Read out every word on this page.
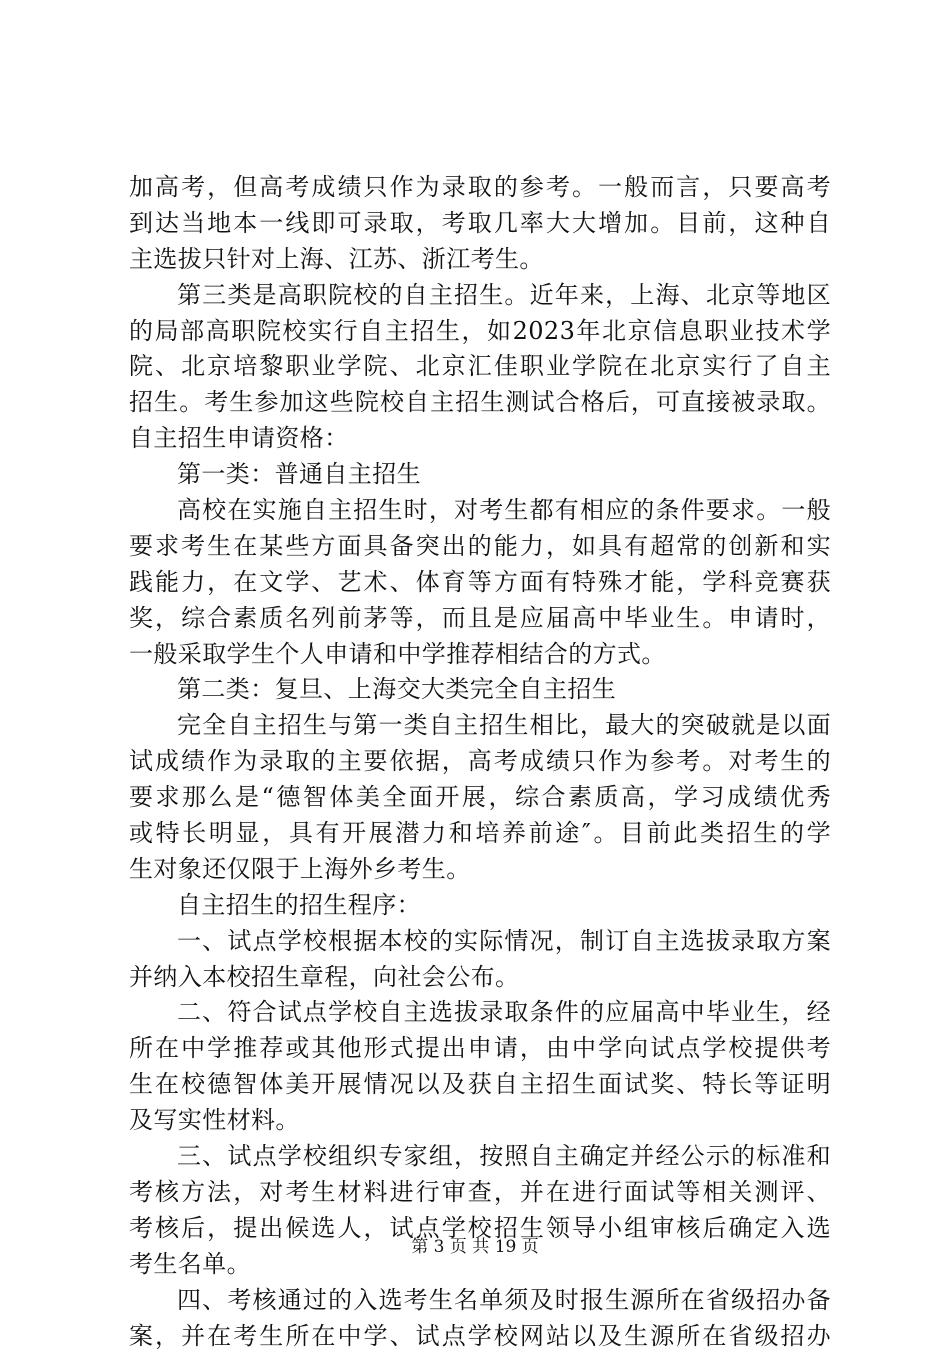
加高考，但高考成绩只作为录取的参考。一般而言，只要高考
到达当地本一线即可录取，考取几率大大增加。目前，这种自
主选拔只针对上海、江苏、浙江考生。
第三类是高职院校的自主招生。近年来，上海、北京等地区
的局部高职院校实行自主招生，如2023年北京信息职业技术学
院、北京培黎职业学院、北京汇佳职业学院在北京实行了自主
招生。考生参加这些院校自主招生测试合格后，可直接被录取。
自主招生申请资格：
第一类：普通自主招生
高校在实施自主招生时，对考生都有相应的条件要求。一般
要求考生在某些方面具备突出的能力，如具有超常的创新和实
践能力，在文学、艺术、体育等方面有特殊才能，学科竞赛获
奖，综合素质名列前茅等，而且是应届高中毕业生。申请时，
一般采取学生个人申请和中学推荐相结合的方式。
第二类：复旦、上海交大类完全自主招生
完全自主招生与第一类自主招生相比，最大的突破就是以面
试成绩作为录取的主要依据，高考成绩只作为参考。对考生的
要求那么是“德智体美全面开展，综合素质高，学习成绩优秀
或特长明显，具有开展潜力和培养前途″。目前此类招生的学
生对象还仅限于上海外乡考生。
自主招生的招生程序：
一、试点学校根据本校的实际情况，制订自主选拔录取方案
并纳入本校招生章程，向社会公布。
二、符合试点学校自主选拔录取条件的应届高中毕业生，经
所在中学推荐或其他形式提出申请，由中学向试点学校提供考
生在校德智体美开展情况以及获自主招生面试奖、特长等证明
及写实性材料。
三、试点学校组织专家组，按照自主确定并经公示的标准和
考核方法，对考生材料进行审查，并在进行面试等相关测评、
考核后，提出候选人，试点学校招生领导小组审核后确定入选
考生名单。
四、考核通过的入选考生名单须及时报生源所在省级招办备
案，并在考生所在中学、试点学校网站以及生源所在省级招办
第 3 页 共 19 页
